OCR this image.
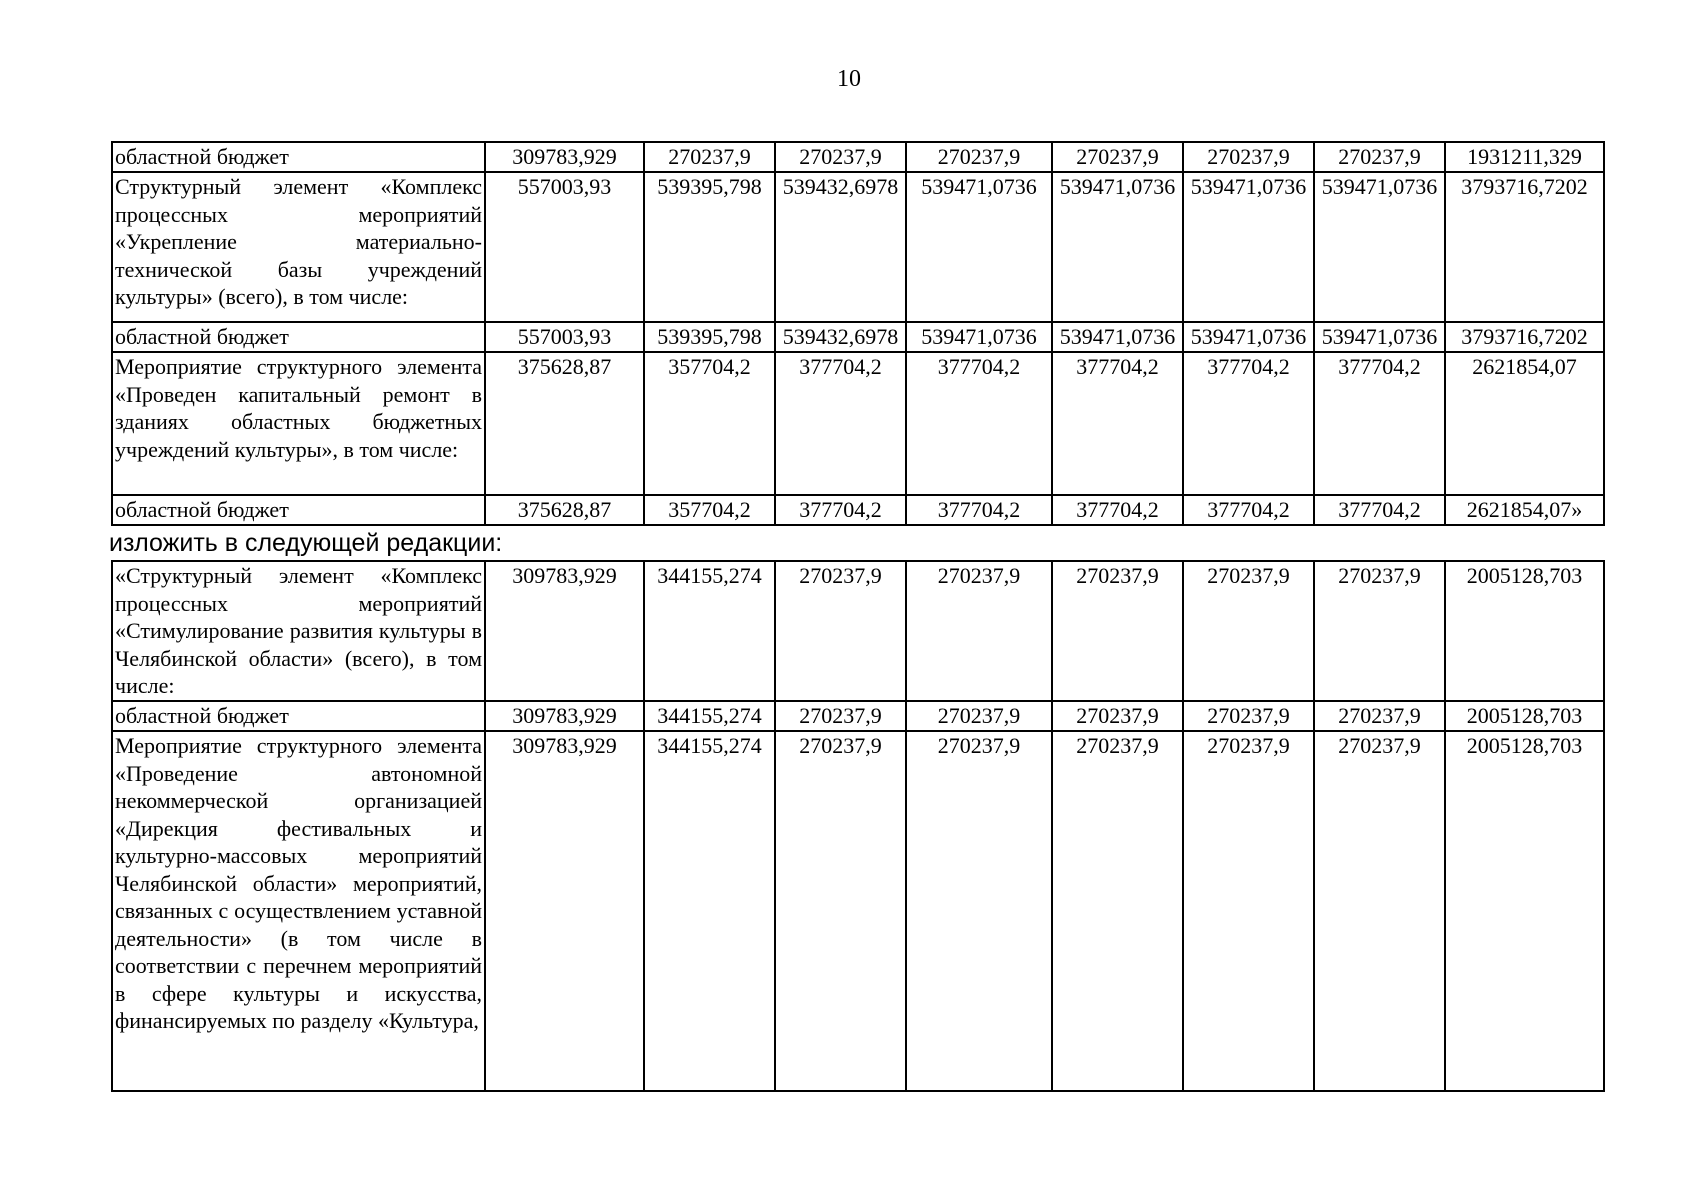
10
областной бюджет	309783,929	270237,9	270237,9	270237,9	270237,9	270237,9	270237,9	1931211,329
Структурный элемент «Комплекс процессных мероприятий «Укрепление материально-технической базы учреждений культуры» (всего), в том числе:	557003,93	539395,798	539432,6978	539471,0736	539471,0736	539471,0736	539471,0736	3793716,7202
областной бюджет	557003,93	539395,798	539432,6978	539471,0736	539471,0736	539471,0736	539471,0736	3793716,7202
Мероприятие структурного элемента «Проведен капитальный ремонт в зданиях областных бюджетных учреждений культуры», в том числе:	375628,87	357704,2	377704,2	377704,2	377704,2	377704,2	377704,2	2621854,07
областной бюджет	375628,87	357704,2	377704,2	377704,2	377704,2	377704,2	377704,2	2621854,07»
изложить в следующей редакции:
«Структурный элемент «Комплекс процессных мероприятий «Стимулирование развития культуры в Челябинской области» (всего), в том числе:	309783,929	344155,274	270237,9	270237,9	270237,9	270237,9	270237,9	2005128,703
областной бюджет	309783,929	344155,274	270237,9	270237,9	270237,9	270237,9	270237,9	2005128,703
Мероприятие структурного элемента «Проведение автономной некоммерческой организацией «Дирекция фестивальных и культурно-массовых мероприятий Челябинской области» мероприятий, связанных с осуществлением уставной деятельности» (в том числе в соответствии с перечнем мероприятий в сфере культуры и искусства, финансируемых по разделу «Культура,	309783,929	344155,274	270237,9	270237,9	270237,9	270237,9	270237,9	2005128,703
